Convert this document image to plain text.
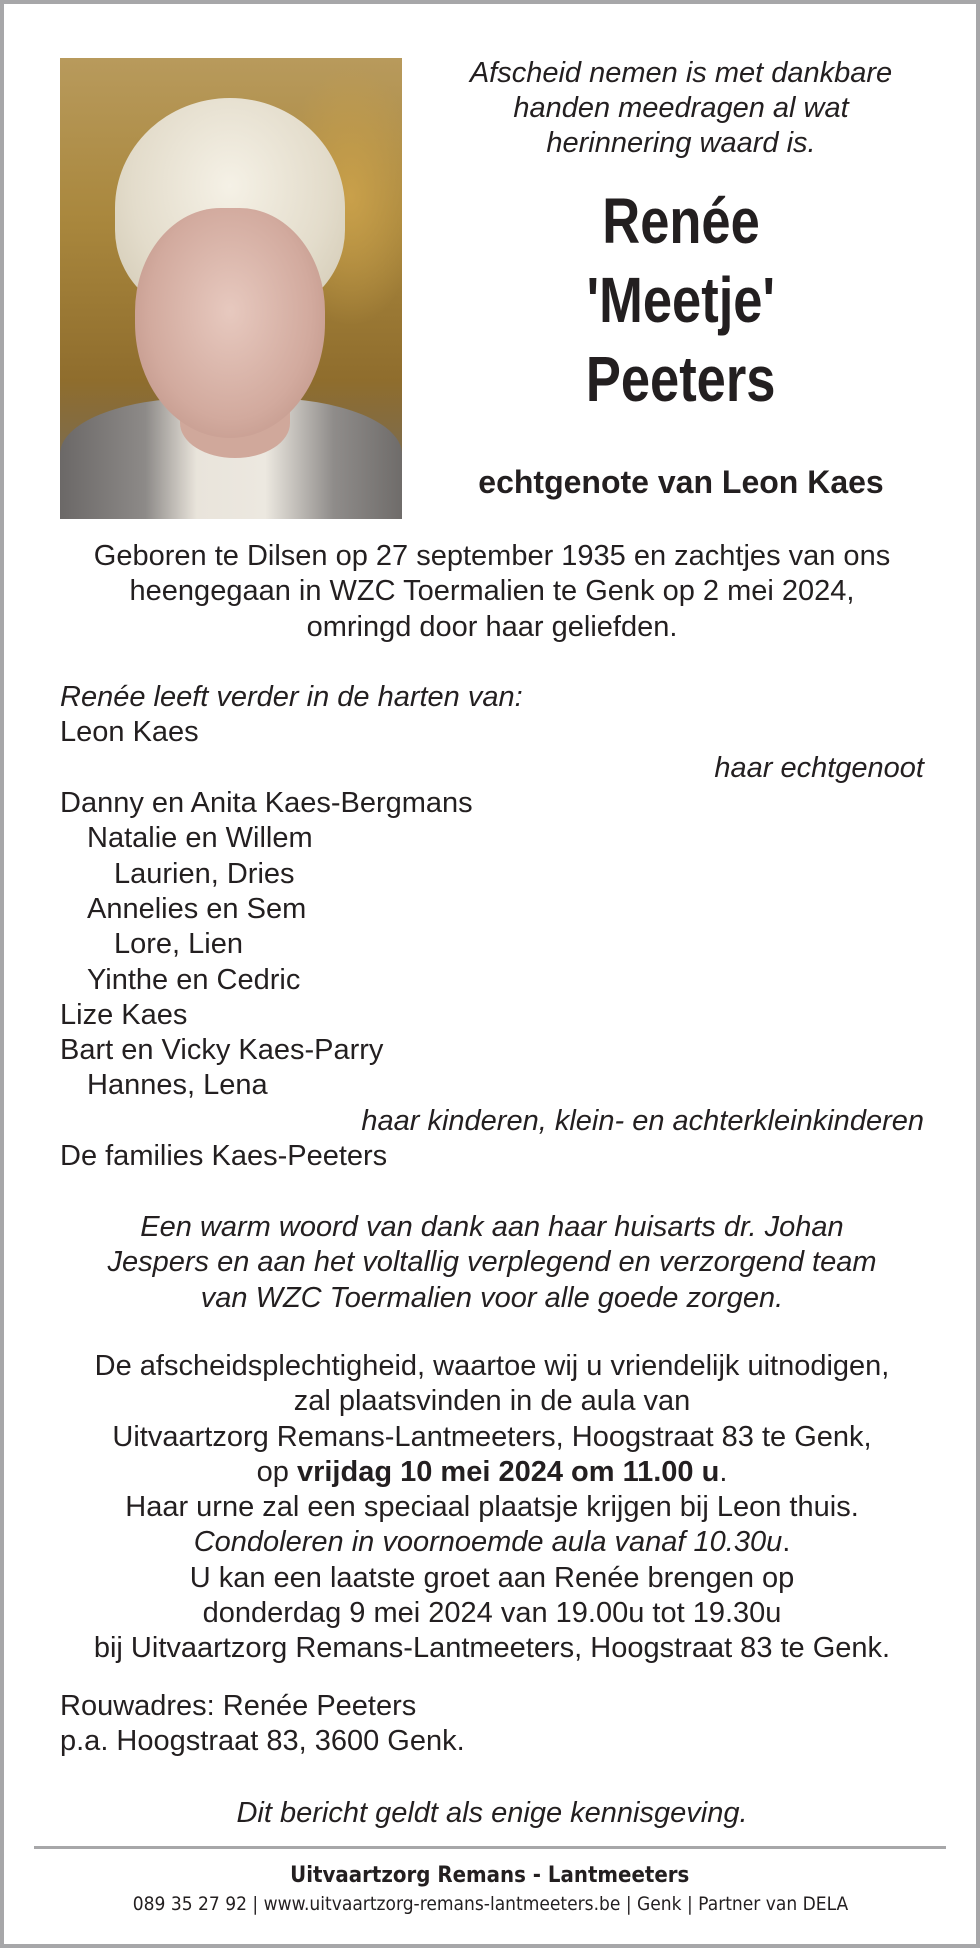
Afscheid nemen is met dankbare
handen meedragen al wat
herinnering waard is.
Renée
'Meetje'
Peeters
echtgenote van Leon Kaes
Geboren te Dilsen op 27 september 1935 en zachtjes van ons
heengegaan in WZC Toermalien te Genk op 2 mei 2024,
omringd door haar geliefden.
Renée leeft verder in de harten van:
Leon Kaes
haar echtgenoot
Danny en Anita Kaes-Bergmans
Natalie en Willem
Laurien, Dries
Annelies en Sem
Lore, Lien
Yinthe en Cedric
Lize Kaes
Bart en Vicky Kaes-Parry
Hannes, Lena
haar kinderen, klein- en achterkleinkinderen
De families Kaes-Peeters
Een warm woord van dank aan haar huisarts dr. Johan
Jespers en aan het voltallig verplegend en verzorgend team
van WZC Toermalien voor alle goede zorgen.
De afscheidsplechtigheid, waartoe wij u vriendelijk uitnodigen,
zal plaatsvinden in de aula van
Uitvaartzorg Remans-Lantmeeters, Hoogstraat 83 te Genk,
op vrijdag 10 mei 2024 om 11.00 u.
Haar urne zal een speciaal plaatsje krijgen bij Leon thuis.
Condoleren in voornoemde aula vanaf 10.30u.
U kan een laatste groet aan Renée brengen op
donderdag 9 mei 2024 van 19.00u tot 19.30u
bij Uitvaartzorg Remans-Lantmeeters, Hoogstraat 83 te Genk.
Rouwadres: Renée Peeters
p.a. Hoogstraat 83, 3600 Genk.
Dit bericht geldt als enige kennisgeving.
Uitvaartzorg Remans - Lantmeeters
089 35 27 92 | www.uitvaartzorg-remans-lantmeeters.be | Genk | Partner van DELA
